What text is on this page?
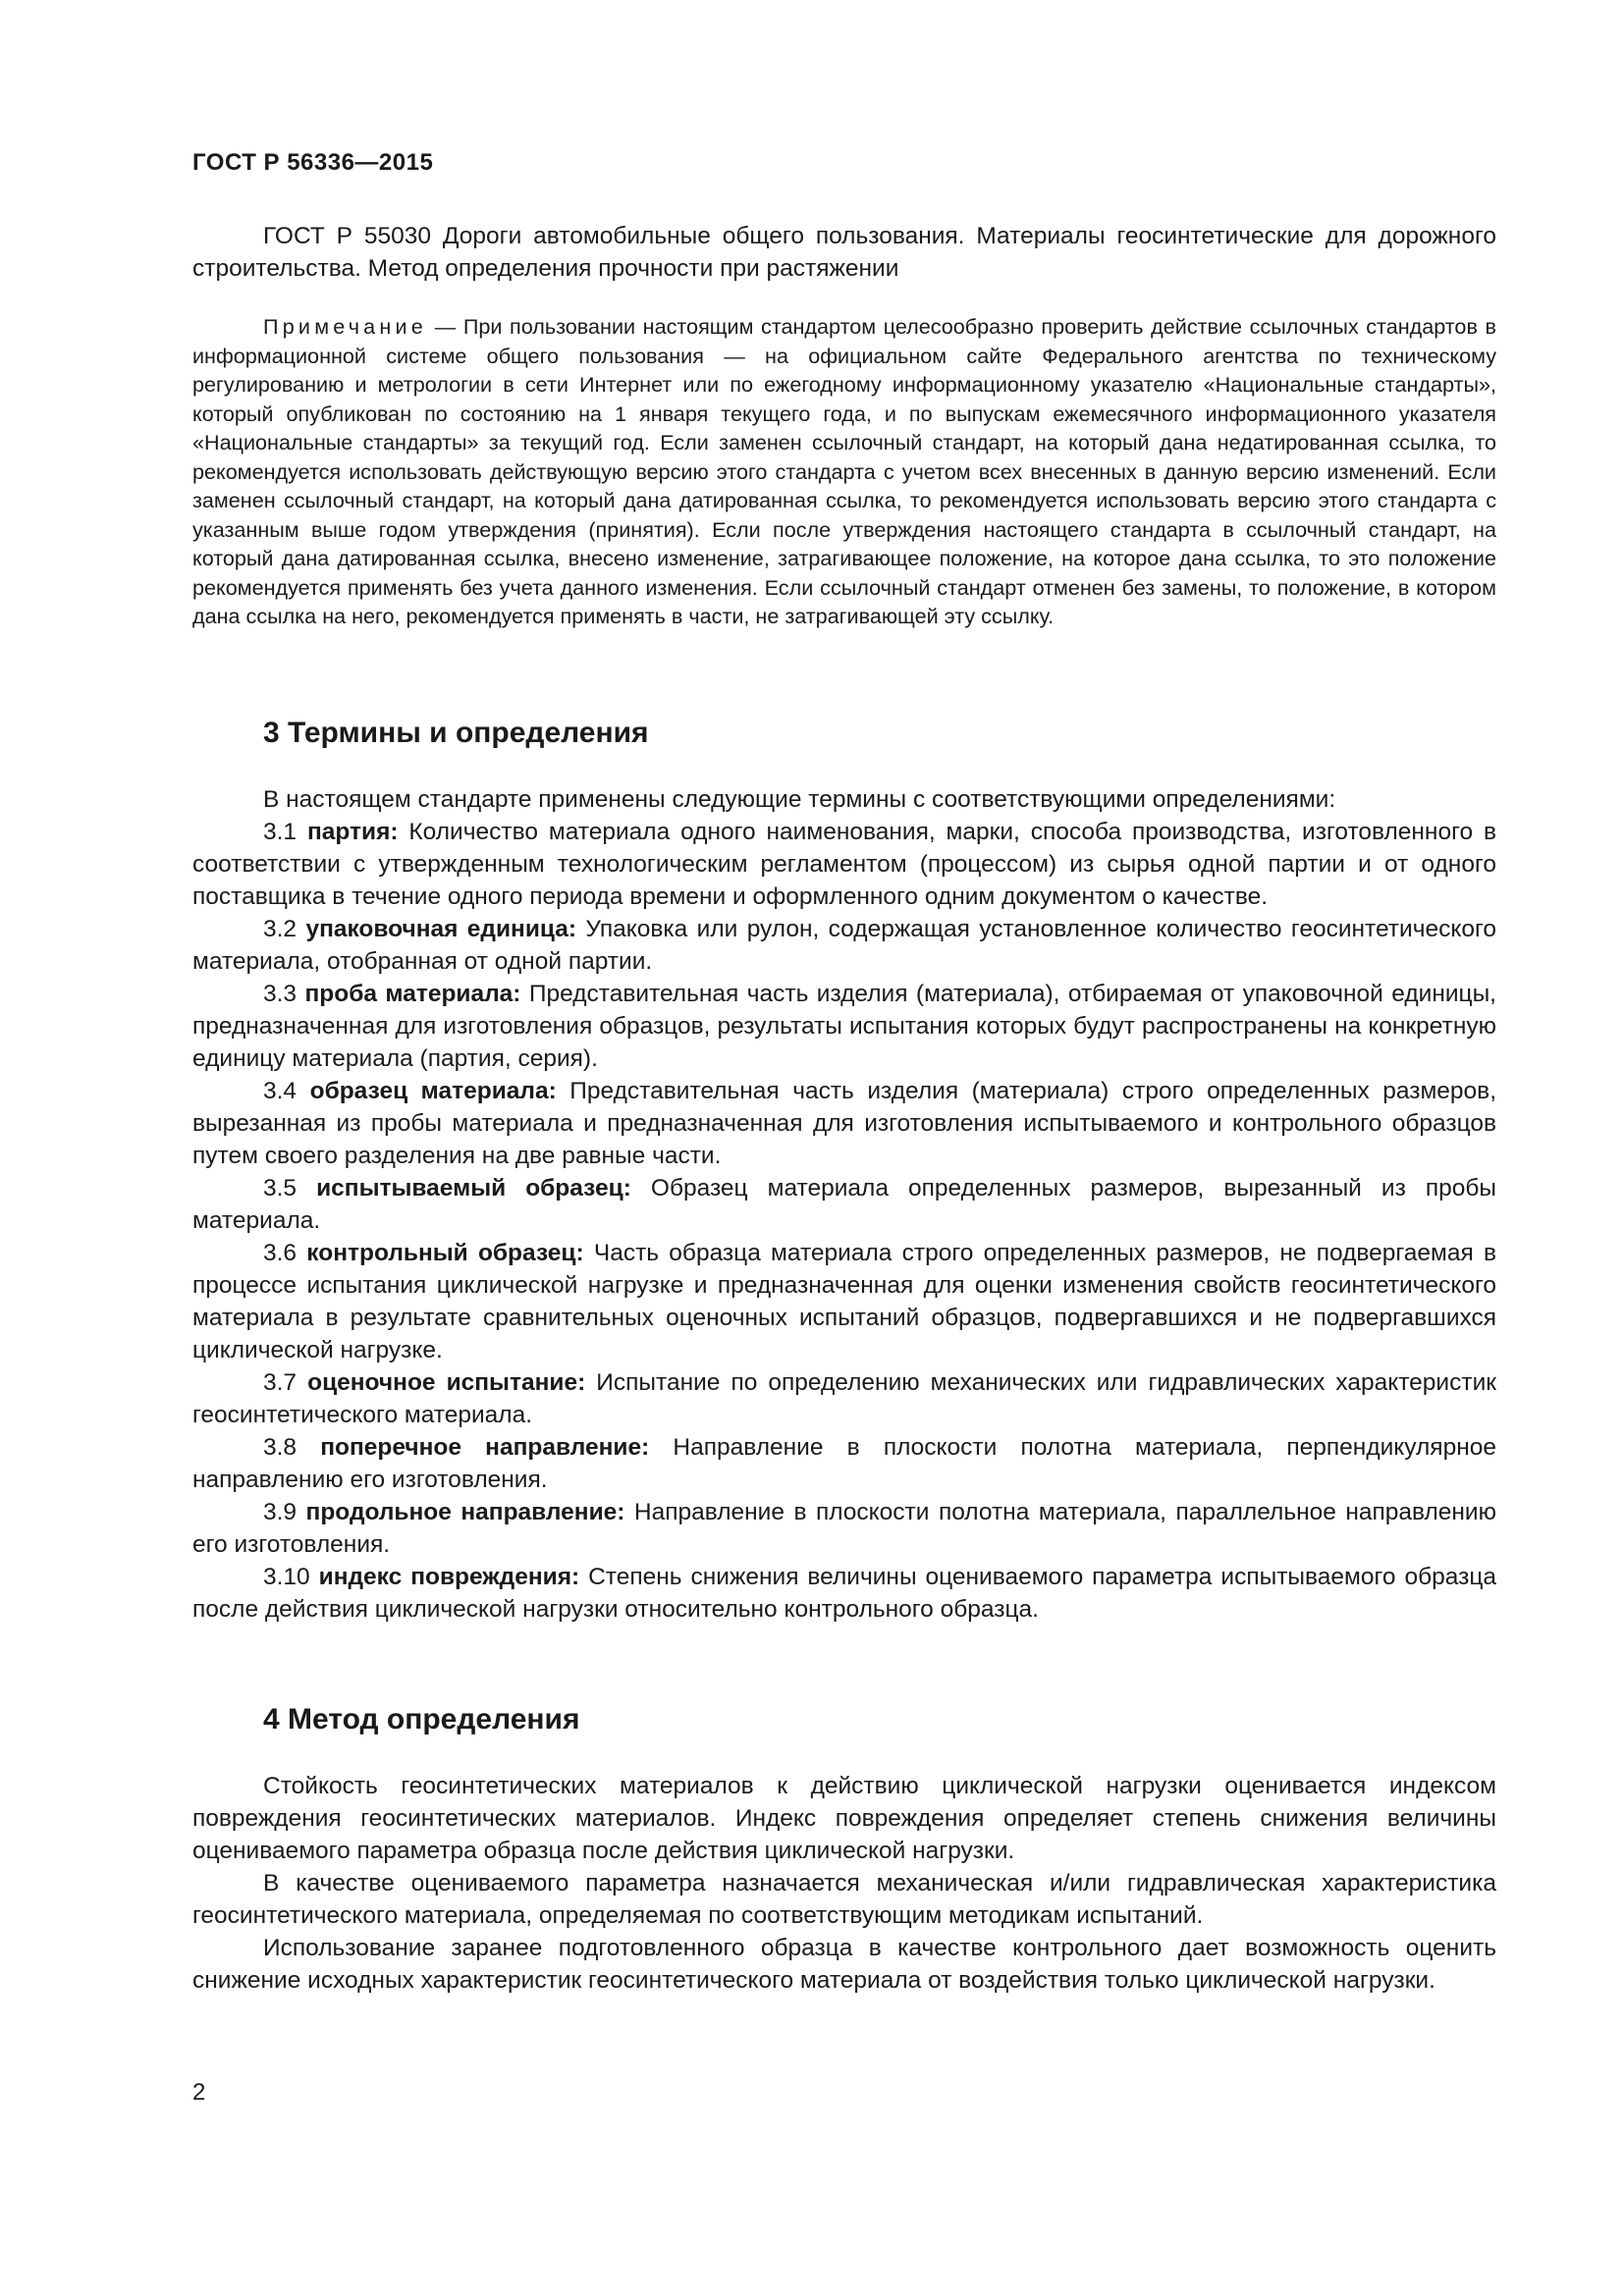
ГОСТ Р 56336—2015

ГОСТ Р 55030 Дороги автомобильные общего пользования. Материалы геосинтетические для дорожного строительства. Метод определения прочности при растяжении

Примечание — При пользовании настоящим стандартом целесообразно проверить действие ссылочных стандартов в информационной системе общего пользования — на официальном сайте Федерального агентства по техническому регулированию и метрологии в сети Интернет или по ежегодному информационному указателю «Национальные стандарты», который опубликован по состоянию на 1 января текущего года, и по выпускам ежемесячного информационного указателя «Национальные стандарты» за текущий год. Если заменен ссылочный стандарт, на который дана недатированная ссылка, то рекомендуется использовать действующую версию этого стандарта с учетом всех внесенных в данную версию изменений. Если заменен ссылочный стандарт, на который дана датированная ссылка, то рекомендуется использовать версию этого стандарта с указанным выше годом утверждения (принятия). Если после утверждения настоящего стандарта в ссылочный стандарт, на который дана датированная ссылка, внесено изменение, затрагивающее положение, на которое дана ссылка, то это положение рекомендуется применять без учета данного изменения. Если ссылочный стандарт отменен без замены, то положение, в котором дана ссылка на него, рекомендуется применять в части, не затрагивающей эту ссылку.

3 Термины и определения

В настоящем стандарте применены следующие термины с соответствующими определениями:

3.1 партия: Количество материала одного наименования, марки, способа производства, изготовленного в соответствии с утвержденным технологическим регламентом (процессом) из сырья одной партии и от одного поставщика в течение одного периода времени и оформленного одним документом о качестве.

3.2 упаковочная единица: Упаковка или рулон, содержащая установленное количество геосинтетического материала, отобранная от одной партии.

3.3 проба материала: Представительная часть изделия (материала), отбираемая от упаковочной единицы, предназначенная для изготовления образцов, результаты испытания которых будут распространены на конкретную единицу материала (партия, серия).

3.4 образец материала: Представительная часть изделия (материала) строго определенных размеров, вырезанная из пробы материала и предназначенная для изготовления испытываемого и контрольного образцов путем своего разделения на две равные части.

3.5 испытываемый образец: Образец материала определенных размеров, вырезанный из пробы материала.

3.6 контрольный образец: Часть образца материала строго определенных размеров, не подвергаемая в процессе испытания циклической нагрузке и предназначенная для оценки изменения свойств геосинтетического материала в результате сравнительных оценочных испытаний образцов, подвергавшихся и не подвергавшихся циклической нагрузке.

3.7 оценочное испытание: Испытание по определению механических или гидравлических характеристик геосинтетического материала.

3.8 поперечное направление: Направление в плоскости полотна материала, перпендикулярное направлению его изготовления.

3.9 продольное направление: Направление в плоскости полотна материала, параллельное направлению его изготовления.

3.10 индекс повреждения: Степень снижения величины оцениваемого параметра испытываемого образца после действия циклической нагрузки относительно контрольного образца.

4 Метод определения

Стойкость геосинтетических материалов к действию циклической нагрузки оценивается индексом повреждения геосинтетических материалов. Индекс повреждения определяет степень снижения величины оцениваемого параметра образца после действия циклической нагрузки.

В качестве оцениваемого параметра назначается механическая и/или гидравлическая характеристика геосинтетического материала, определяемая по соответствующим методикам испытаний.

Использование заранее подготовленного образца в качестве контрольного дает возможность оценить снижение исходных характеристик геосинтетического материала от воздействия только циклической нагрузки.

2
